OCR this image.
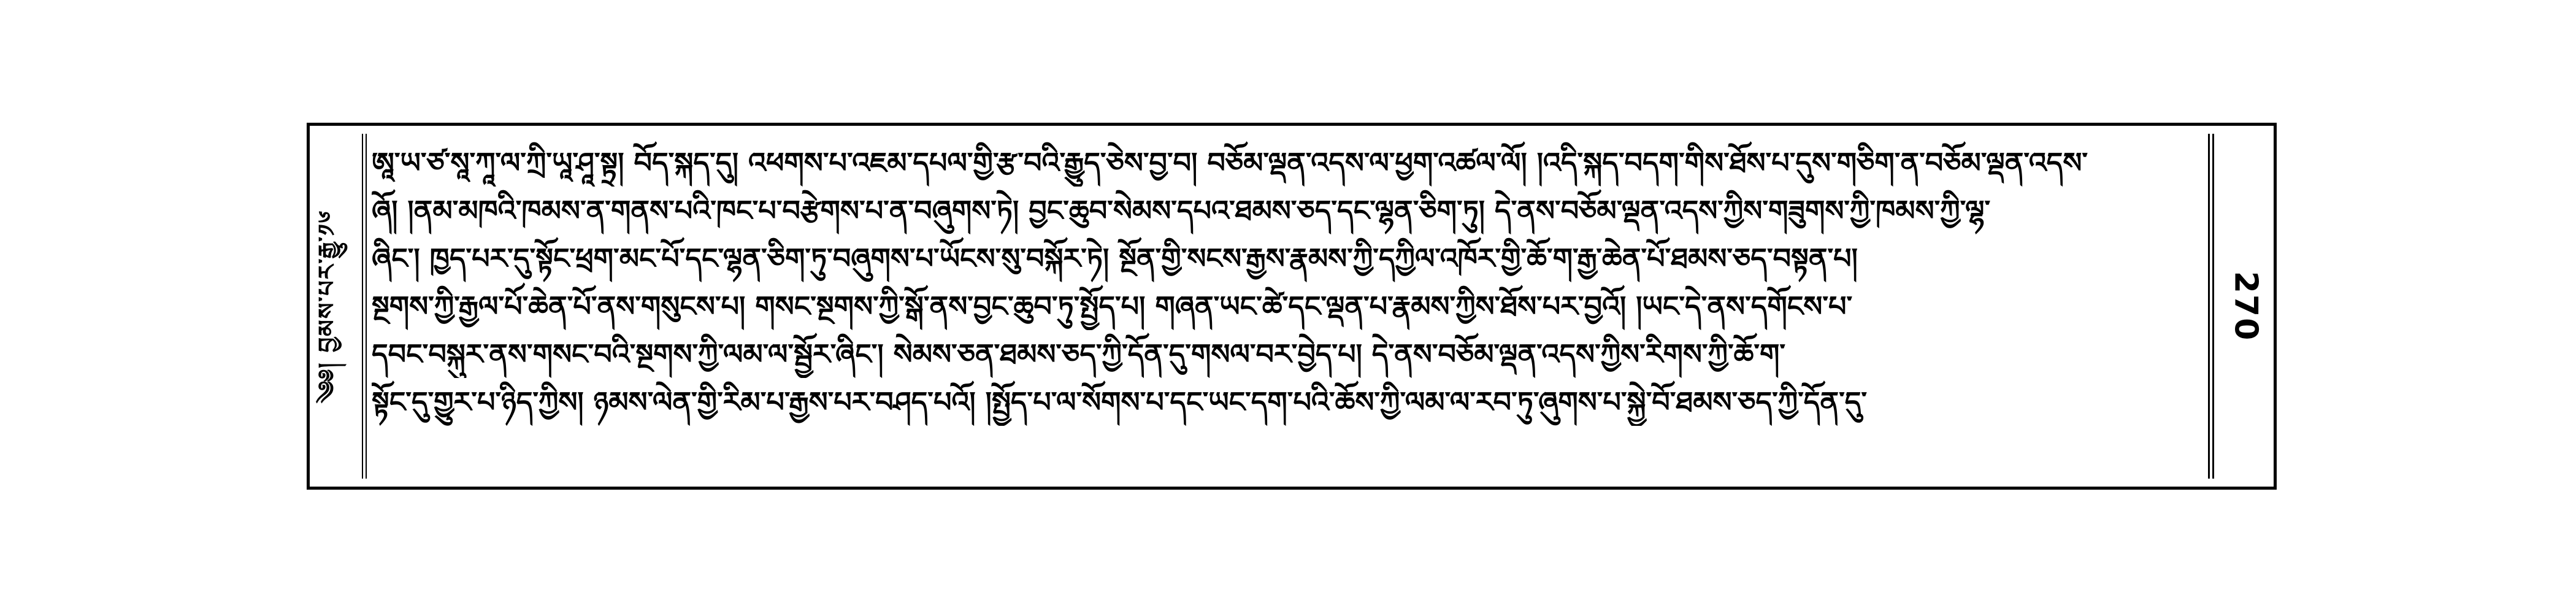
༄༅། བྱམས་པར་རྒྱུ་༡༦	270
ཨཱ་ཡ་ཙ་སཱ་ཀཱ་ལ་ཀྲི་ཡཱ་ཤཱ་སྟྲ། བོད་སྐད་དུ། འཕགས་པ་འཇམ་དཔལ་གྱི་རྩ་བའི་རྒྱུད་ཅེས་བྱ་བ། བཅོམ་ལྡན་འདས་ལ་ཕྱག་འཚལ་ལོ། །འདི་སྐད་བདག་གིས་ཐོས་པ་དུས་གཅིག་ན་བཅོམ་ལྡན་འདས་
ཞོ། །ནམ་མཁའི་ཁམས་ན་གནས་པའི་ཁང་པ་བརྩེགས་པ་ན་བཞུགས་ཏེ། བྱང་ཆུབ་སེམས་དཔའ་ཐམས་ཅད་དང་ལྷན་ཅིག་ཏུ། དེ་ནས་བཅོམ་ལྡན་འདས་ཀྱིས་གཟུགས་ཀྱི་ཁམས་ཀྱི་ལྷ་
ཞིང་། ཁྱད་པར་དུ་སྟོང་ཕྲག་མང་པོ་དང་ལྷན་ཅིག་ཏུ་བཞུགས་པ་ཡོངས་སུ་བསྐོར་ཏེ། སྔོན་གྱི་སངས་རྒྱས་རྣམས་ཀྱི་དཀྱིལ་འཁོར་གྱི་ཆོ་ག་རྒྱ་ཆེན་པོ་ཐམས་ཅད་བསྟན་པ།
སྔགས་ཀྱི་རྒྱལ་པོ་ཆེན་པོ་ནས་གསུངས་པ། གསང་སྔགས་ཀྱི་སྒོ་ནས་བྱང་ཆུབ་ཏུ་སྤྱོད་པ། གཞན་ཡང་ཚེ་དང་ལྡན་པ་རྣམས་ཀྱིས་ཐོས་པར་བྱའོ། །ཡང་དེ་ནས་དགོངས་པ་
དབང་བསྐུར་ནས་གསང་བའི་སྔགས་ཀྱི་ལམ་ལ་སྦྱོར་ཞིང་། སེམས་ཅན་ཐམས་ཅད་ཀྱི་དོན་དུ་གསལ་བར་བྱེད་པ། དེ་ནས་བཅོམ་ལྡན་འདས་ཀྱིས་རིགས་ཀྱི་ཆོ་ག་
སྟོང་དུ་གྱུར་པ་ཉིད་ཀྱིས། ཉམས་ལེན་གྱི་རིམ་པ་རྒྱས་པར་བཤད་པའོ། །སྤྱོད་པ་ལ་སོགས་པ་དང་ཡང་དག་པའི་ཆོས་ཀྱི་ལམ་ལ་རབ་ཏུ་ཞུགས་པ་སྐྱེ་བོ་ཐམས་ཅད་ཀྱི་དོན་དུ་
